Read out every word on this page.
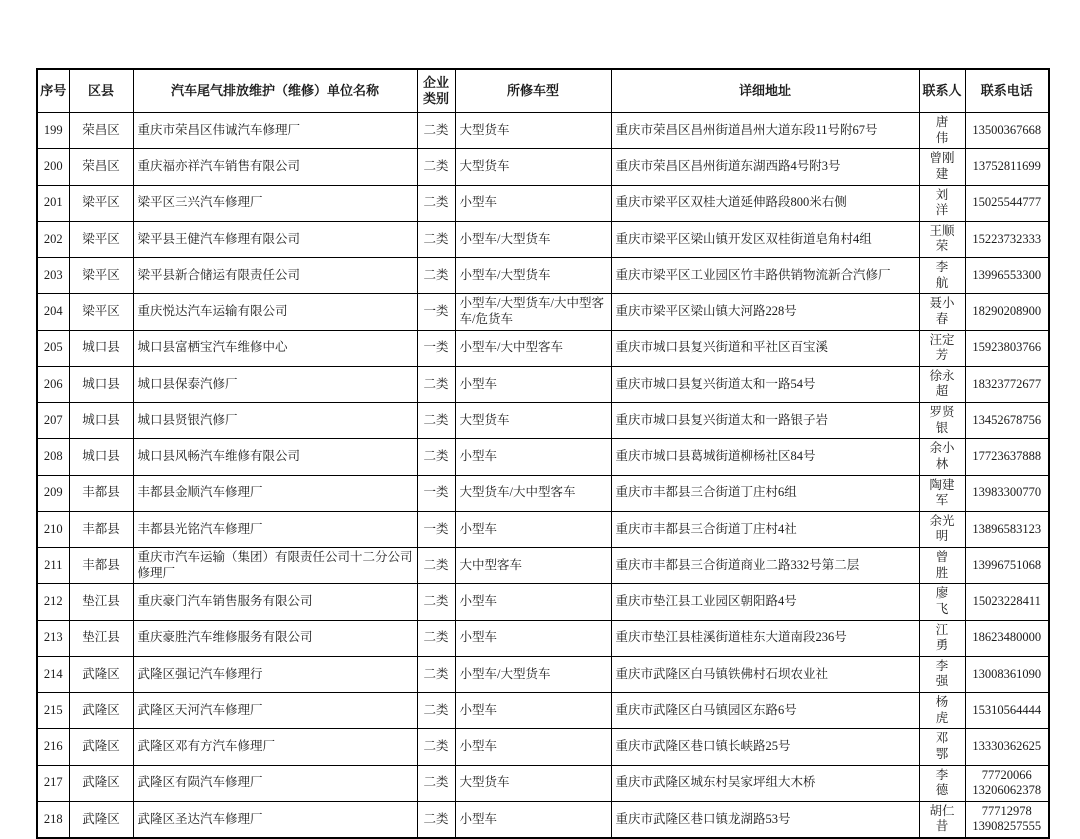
序号	区县	汽车尾气排放维护（维修）单位名称	企业类别	所修车型	详细地址	联系人	联系电话
199	荣昌区	重庆市荣昌区伟诚汽车修理厂	二类	大型货车	重庆市荣昌区昌州街道昌州大道东段11号附67号	唐　伟	13500367668

200	荣昌区	重庆福亦祥汽车销售有限公司	二类	大型货车	重庆市荣昌区昌州街道东湖西路4号附3号	曾刚建	13752811699

201	梁平区	梁平区三兴汽车修理厂	二类	小型车	重庆市梁平区双桂大道延伸路段800米右侧	刘　洋	15025544777

202	梁平区	梁平县王健汽车修理有限公司	二类	小型车/大型货车	重庆市梁平区梁山镇开发区双桂街道皂角村4组	王顺荣	15223732333

203	梁平区	梁平县新合储运有限责任公司	二类	小型车/大型货车	重庆市梁平区工业园区竹丰路供销物流新合汽修厂	李　航	13996553300

204	梁平区	重庆悦达汽车运输有限公司	一类	小型车/大型货车/大中型客车/危货车	重庆市梁平区梁山镇大河路228号	聂小春	18290208900

205	城口县	城口县富栖宝汽车维修中心	一类	小型车/大中型客车	重庆市城口县复兴街道和平社区百宝溪	汪定芳	15923803766

206	城口县	城口县保泰汽修厂	二类	小型车	重庆市城口县复兴街道太和一路54号	徐永超	18323772677

207	城口县	城口县贤银汽修厂	二类	大型货车	重庆市城口县复兴街道太和一路银子岩	罗贤银	13452678756

208	城口县	城口县风畅汽车维修有限公司	二类	小型车	重庆市城口县葛城街道柳杨社区84号	余小林	17723637888

209	丰都县	丰都县金顺汽车修理厂	一类	大型货车/大中型客车	重庆市丰都县三合街道丁庄村6组	陶建军	13983300770

210	丰都县	丰都县光铭汽车修理厂	一类	小型车	重庆市丰都县三合街道丁庄村4社	余光明	13896583123

211	丰都县	重庆市汽车运输（集团）有限责任公司十二分公司修理厂	二类	大中型客车	重庆市丰都县三合街道商业二路332号第二层	曾　胜	13996751068

212	垫江县	重庆豪门汽车销售服务有限公司	二类	小型车	重庆市垫江县工业园区朝阳路4号	廖　飞	15023228411

213	垫江县	重庆豪胜汽车维修服务有限公司	二类	小型车	重庆市垫江县桂溪街道桂东大道南段236号	江　勇	18623480000

214	武隆区	武隆区强记汽车修理行	二类	小型车/大型货车	重庆市武隆区白马镇铁佛村石坝农业社	李　强	13008361090

215	武隆区	武隆区天河汽车修理厂	二类	小型车	重庆市武隆区白马镇园区东路6号	杨　虎	15310564444

216	武隆区	武隆区邓有方汽车修理厂	二类	小型车	重庆市武隆区巷口镇长峡路25号	邓　鄂	13330362625

217	武隆区	武隆区有陨汽车修理厂	二类	大型货车	重庆市武隆区城东村吴家坪组大木桥	李　德	77720066
13206062378

218	武隆区	武隆区圣达汽车修理厂	二类	小型车	重庆市武隆区巷口镇龙湖路53号	胡仁昔	77712978
13908257555
